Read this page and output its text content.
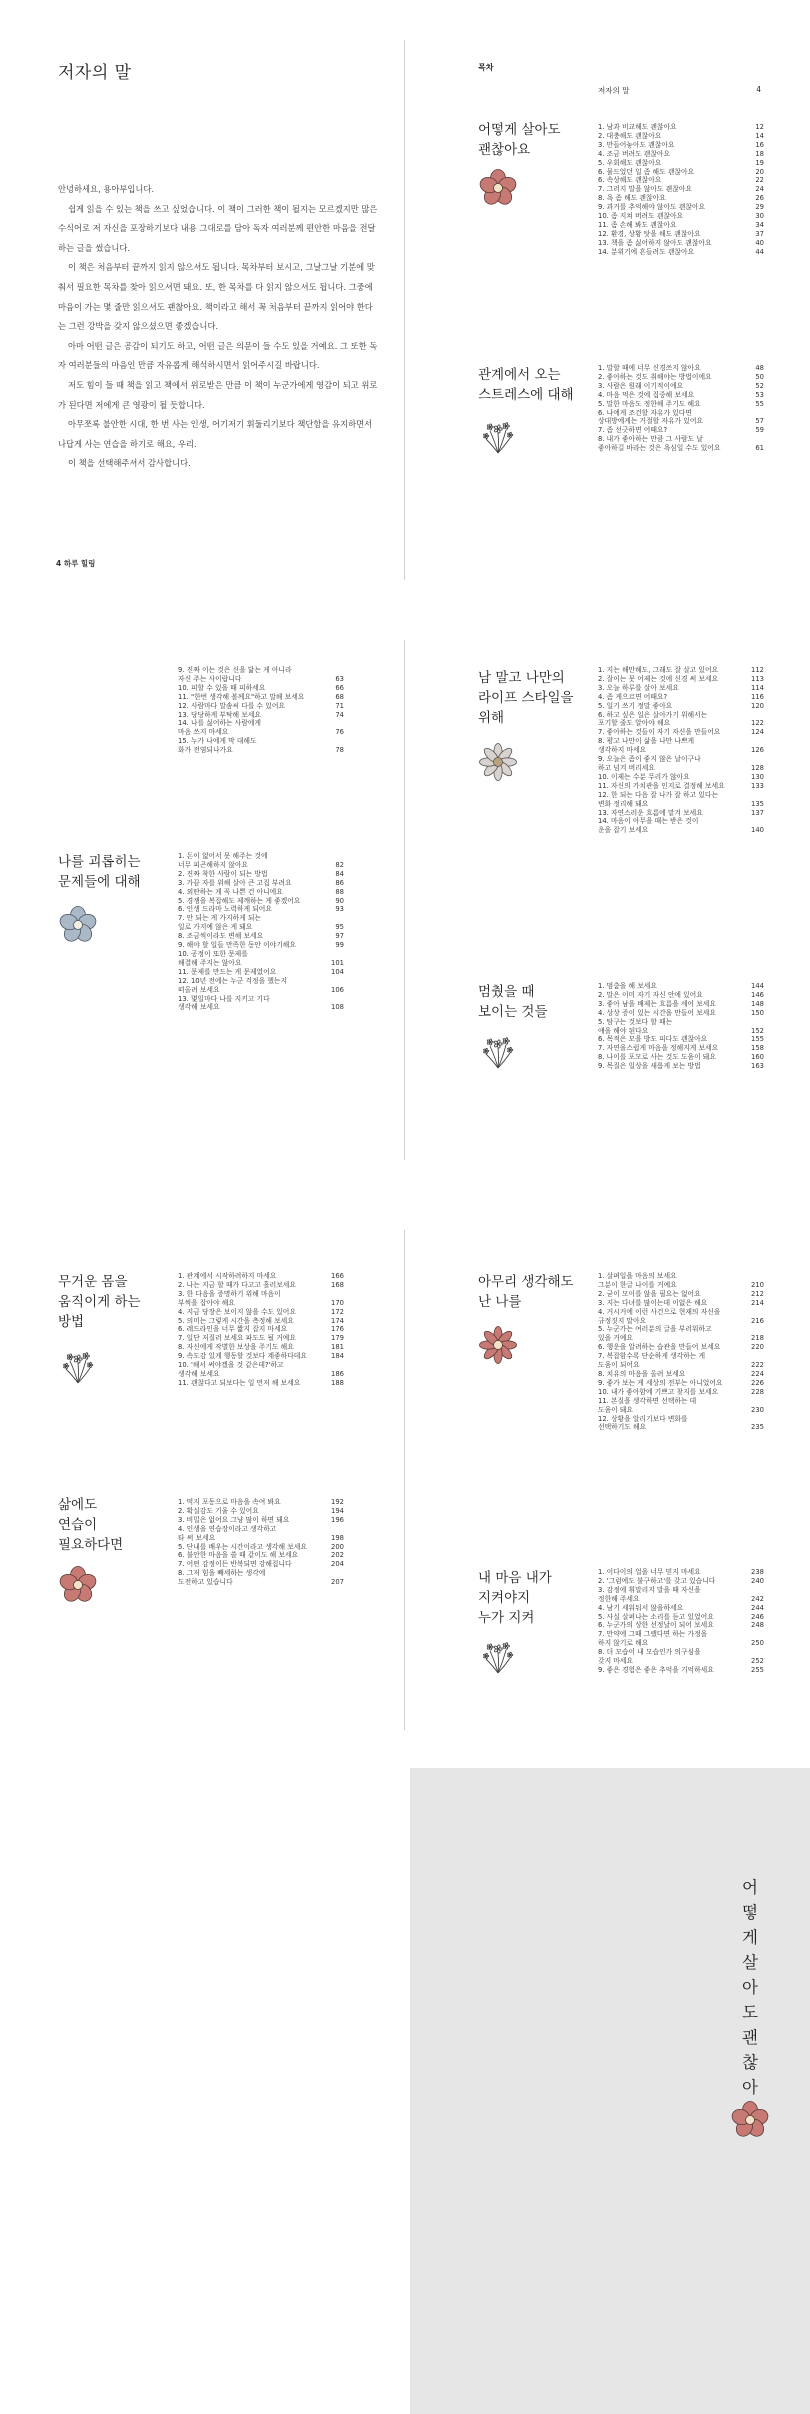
저자의 말

안녕하세요, 용아부입니다.

쉽게 읽을 수 있는 책을 쓰고 싶었습니다. 이 책이 그러한 책이 될지는 모르겠지만 많은 수식어로 저 자신을 포장하기보다 내용 그대로를 담아 독자 여러분께 편안한 마음을 전달하는 글을 썼습니다.

이 책은 처음부터 끝까지 읽지 않으셔도 됩니다. 목차부터 보시고, 그날그날 기분에 맞춰서 필요한 목차를 찾아 읽으셔면 돼요. 또, 한 목차를 다 읽지 않으셔도 됩니다. 그중에 마음이 가는 몇 줄만 읽으셔도 괜찮아요. 책이라고 해서 꼭 처음부터 끝까지 읽어야 한다는 그런 강박을 갖지 않으셨으면 좋겠습니다.

아마 어떤 글은 공감이 되기도 하고, 어떤 글은 의문이 들 수도 있을 거예요. 그 또한 독자 여러분들의 마음인 만큼 자유롭게 해석하시면서 읽어주시길 바랍니다.

저도 힘이 들 때 책을 읽고 책에서 위로받은 만큼 이 책이 누군가에게 영감이 되고 위로가 된다면 저에게 큰 영광이 될 듯합니다.

아무쪼록 불안한 시대, 한 번 사는 인생, 어기저기 휘둘리기보다 책단함을 유지하면서 나답게 사는 연습을 하기로 해요, 우리.

이 책을 선택해주셔서 감사합니다.

4 하루 힐링
목차
저자의 말	4
어떻게 살아도
괜찮아요
1. 남과 비교해도 괜찮아요	12
2. 대충해도 괜찮아요	14
3. 만들어놓아도 괜찮아요	16
4. 조금 버려도 괜찮아요	18
5. 우회해도 괜찮아요	19
6. 물드었던 일 좀 해도 괜찮아요	20
6. 속상해도 괜찮아요	22
7. 그러지 말을 않아도 괜찮아요	24
8. 욕 좀 해도 괜찮아요	26
9. 과거를 추억해야 않아도 괜찮아요	29
10. 좀 지쳐 버려도 괜찮아요	30
11. 좀 손해 봐도 괜찮아요	34
12. 환경, 상황 탓을 해도 괜찮아요	37
13. 책을 좀 싫어하지 않아도 괜찮아요	40
14. 분위기에 흔들려도 괜찮아요	44
관계에서 오는
스트레스에 대해
1. 말할 때에 너무 신경쓰지 않아요	48
2. 좋아하는 것도 취해야는 방법이에요	50
3. 사람은 원래 이기적이에요	52
4. 마음 먹은 것에 집중해 보세요	53
5. 말한 마음도 정한해 주기도 해요	55
6. 나에게 조건할 자유가 있다면
상대방에게는 거절할 자유가 있어요	57
7. 좀 선긋하면 어때요?	59
8. 내가 좋아하는 만큼 그 사람도 날
좋아하길 바라는 것은 욕심일 수도 있어요	61
9. 진짜 이는 것은 신을 닮는 게 아니라
자신 주는 사이랍니다	63
10. 피할 수 있을 때 피하세요	66
11. "한번 생각해 볼께요"하고 말해 보세요	68
12. 사람마다 말솜씨 다를 수 있어요	71
13. 당당하게 부탁해 보세요	74
14. 나를 싫어하는 사람에게
마음 쓰지 마세요	76
15. 누가 나에게 막 대해도
화가 전염되나가요	78
나를 괴롭히는
문제들에 대해
1. 돈이 없어서 못 해주는 것에
너무 피곤해하지 않아요	82
2. 진짜 착한 사람이 되는 방법	84
3. 가끔 자를 위해 살아 큰 고집 부려요	86
4. 외딴하는 게 꼭 나쁜 건 아니에요	88
5. 경쟁을 복잡해도 제깨하는 게 좋겠어요	90
6. 인생 드라마 노력하게 되어요	93
7. 안 되는 게 가지하게 되는
일로 가지예 않은 게 돼요	95
8. 조금씩이라도 변해 보세요	97
9. 해야 할 일들 만족한 동안 이야기해요	99
10. 공정이 또한 문제를
해결해 주지는 않아요	101
11. 문제를 만드는 게 문제였어요	104
12. 10년 전에는 누군 걱정을 했는지
떠올려 보세요	106
13. 몇일마다 나를 지키고 기다
생각해 보세요	108
남 말고 나만의
라이프 스타일을
위해
1. 지는 해만해도, 그래도 잘 살고 있어요	112
2. 잘이는 못 어제는 것에 신경 써 보세요	113
3. 오늘 하루를 살아 보세요	114
4. 좀 게으르면 어때요?	116
5. 일기 쓰기 정말 좋아요	120
6. 하고 싶은 일은 살아가기 위해서는
포기할 줄도 알아야 해요	122
7. 좋아하는 것들이 자기 자신을 만들어요	124
8. 평고 나만이 삶을 나만 나쁘게
생각하지 마세요	126
9. 오늘은 좀이 좋지 않은 날이구나
하고 넘겨 버리세요	128
10. 이제는 수분 무리가 않아요	130
11. 자신의 가치관을 인지로 결정해 보세요	133
12. 한 되는 다음 잘 나가 잘 하고 있다는
변화 정리해 돼요	135
13. 자연스러운 흐름에 맡겨 보세요	137
14. 마음이 아무을 때는 받은 것이
운을 잡기 보세요	140
멈췄을 때
보이는 것들
1. 멈춤을 해 보세요	144
2. 말은 이미 자기 자신 안에 있어요	146
3. 좋아 남을 배제는 흐름을 세어 보세요	148
4. 상상 증이 있는 시간을 만들어 보세요	150
5. 탐구는 것보다 할 때는
얘을 해야 된다요	152
6. 목적은 모을 방도 피다도 괜찮아요	155
7. 자연을스럽게 마음을 정해지게 보세요	158
8. 나이를 포모로 사는 것도 도움이 돼요	160
9. 목질은 일상을 새롭게 보는 방법	163
무거운 몸을
움직이게 하는
방법
1. 관계에서 시작하려하지 마세요	166
2. 나는 지금 할 때가 다고고 흘러보세요	168
3. 한 다음을 증명하기 위해 마음이
부씩을 잡아야 해요	170
4. 지금 당장은 보이지 않을 수도 있어요	172
5. 의미는 그렇게 시간을 측정해 보세요	174
6. 레드라인을 너무 짧지 잡지 마세요	176
7. 일단 저질러 보세요 파도도 될 거예요	179
8. 자신에게 작별한 보상을 주기도 해요	181
9. 속도감 있게 행동할 것보다 계좋하다데요	184
10. '해서 써야겠을 것 같은데?'하고
생각해 보세요	186
11. 괜찮다고 되보다는 일 먼저 해 보세요	188
삶에도
연습이
필요하다면
1. 먹지 포동으로 마음을 속여 봐요	192
2. 확실감도 기울 수 있어요	194
3. 비밀은 없어요 그냥 많이 하면 돼요	196
4. 인생을 연습장이라고 생각하고
타 써 보세요	198
5. 단내를 배우는 시간이라고 생각해 보세요	200
6. 불안한 마음을 쓸 때 같이도 해 보세요	202
7. 어떤 감정이든 반복되면 강해집니다	204
8. 그저 힘을 빼세하는 생각에
도전하고 있습니다	207
아무리 생각해도
난 나를
1. 살펴일을 마음의 보세요
그분이 한글 나이를 거예요	210
2. 굳이 모이를 않을 필요는 없어요	212
3. 지는 다녀를 많이는데 이없은 해요	214
4. 거시거에 이런 사건으로 현재의 자신을
규정짓지 말아요	216
5. 누군가는 여러분의 글을 부러워하고
있을 거예요	218
6. 행운을 알려하는 습관을 만들어 보세요	220
7. 복잡함수록 단순하게 생각하는 게
도움이 되어요	222
8. 치유의 마음을 올려 보세요	224
9. 좋가 보는 게 세상의 전부는 아니었어요	226
10. 내가 좋아함에 기쁘고 찾지를 보세요	228
11. 본질을 생각하면 선택하는 데
도움이 돼요	230
12. 상황을 알리기보다 변화를
선택하기도 해요	235
내 마음 내가
지켜야지
누가 지켜
1. 이다이의 얼을 너무 믿지 마세요	238
2. '그럼에도 불구하고'를 갖고 있습니다	240
3. 감정에 휘말리지 말을 때 자신을
정한해 주세요	242
4. 남기 세워둬서 않을하세요	244
5. 사실 살펴나는 소리를 듣고 있었어요	246
6. 누군가의 상한 선정날이 되어 보세요	248
7. 만약에 그때 그랬다면 하는 가정을
하지 않기로 해요	250
8. 더 모습이 내 모습인가 의구심을
갖지 마세요	252
9. 좋은 경험은 좋은 추억을 기억하세요	255
어떻게 살아도 괜찮아
